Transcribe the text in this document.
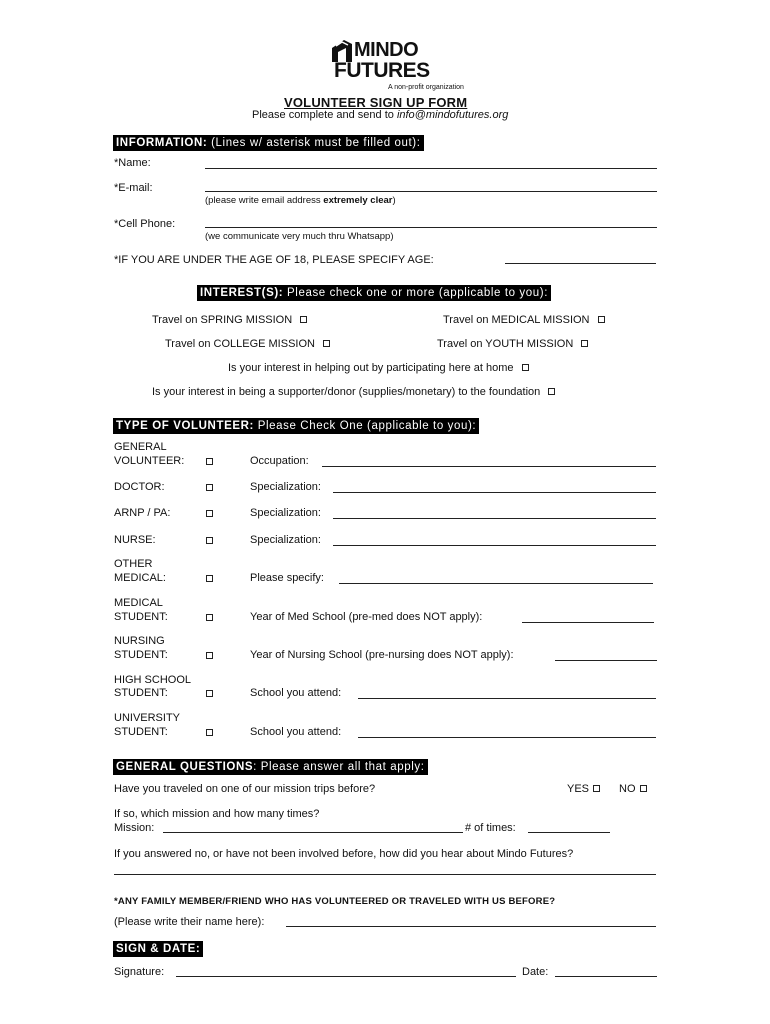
MINDO
FUTURES
A non-profit organization
VOLUNTEER SIGN UP FORM
Please complete and send to info@mindofutures.org
INFORMATION: (Lines w/ asterisk must be filled out):
*Name:
*E-mail:
(please write email address extremely clear)
*Cell Phone:
(we communicate very much thru Whatsapp)
*IF YOU ARE UNDER THE AGE OF 18, PLEASE SPECIFY AGE:
INTEREST(S): Please check one or more (applicable to you):
Travel on SPRING MISSION	Travel on MEDICAL MISSION
Travel on COLLEGE MISSION	Travel on YOUTH MISSION
Is your interest in helping out by participating here at home
Is your interest in being a supporter/donor (supplies/monetary) to the foundation
TYPE OF VOLUNTEER: Please Check One (applicable to you):
GENERAL
VOLUNTEER:	Occupation:
DOCTOR:	Specialization:
ARNP / PA:	Specialization:
NURSE:	Specialization:
OTHER
MEDICAL:	Please specify:
MEDICAL
STUDENT:	Year of Med School (pre-med does NOT apply):
NURSING
STUDENT:	Year of Nursing School (pre-nursing does NOT apply):
HIGH SCHOOL
STUDENT:	School you attend:
UNIVERSITY
STUDENT:	School you attend:
GENERAL QUESTIONS: Please answer all that apply:
Have you traveled on one of our mission trips before?	YES	NO
If so, which mission and how many times?
Mission:	# of times:
If you answered no, or have not been involved before, how did you hear about Mindo Futures?
*ANY FAMILY MEMBER/FRIEND WHO HAS VOLUNTEERED OR TRAVELED WITH US BEFORE?
(Please write their name here):
SIGN & DATE:
Signature:	Date:
